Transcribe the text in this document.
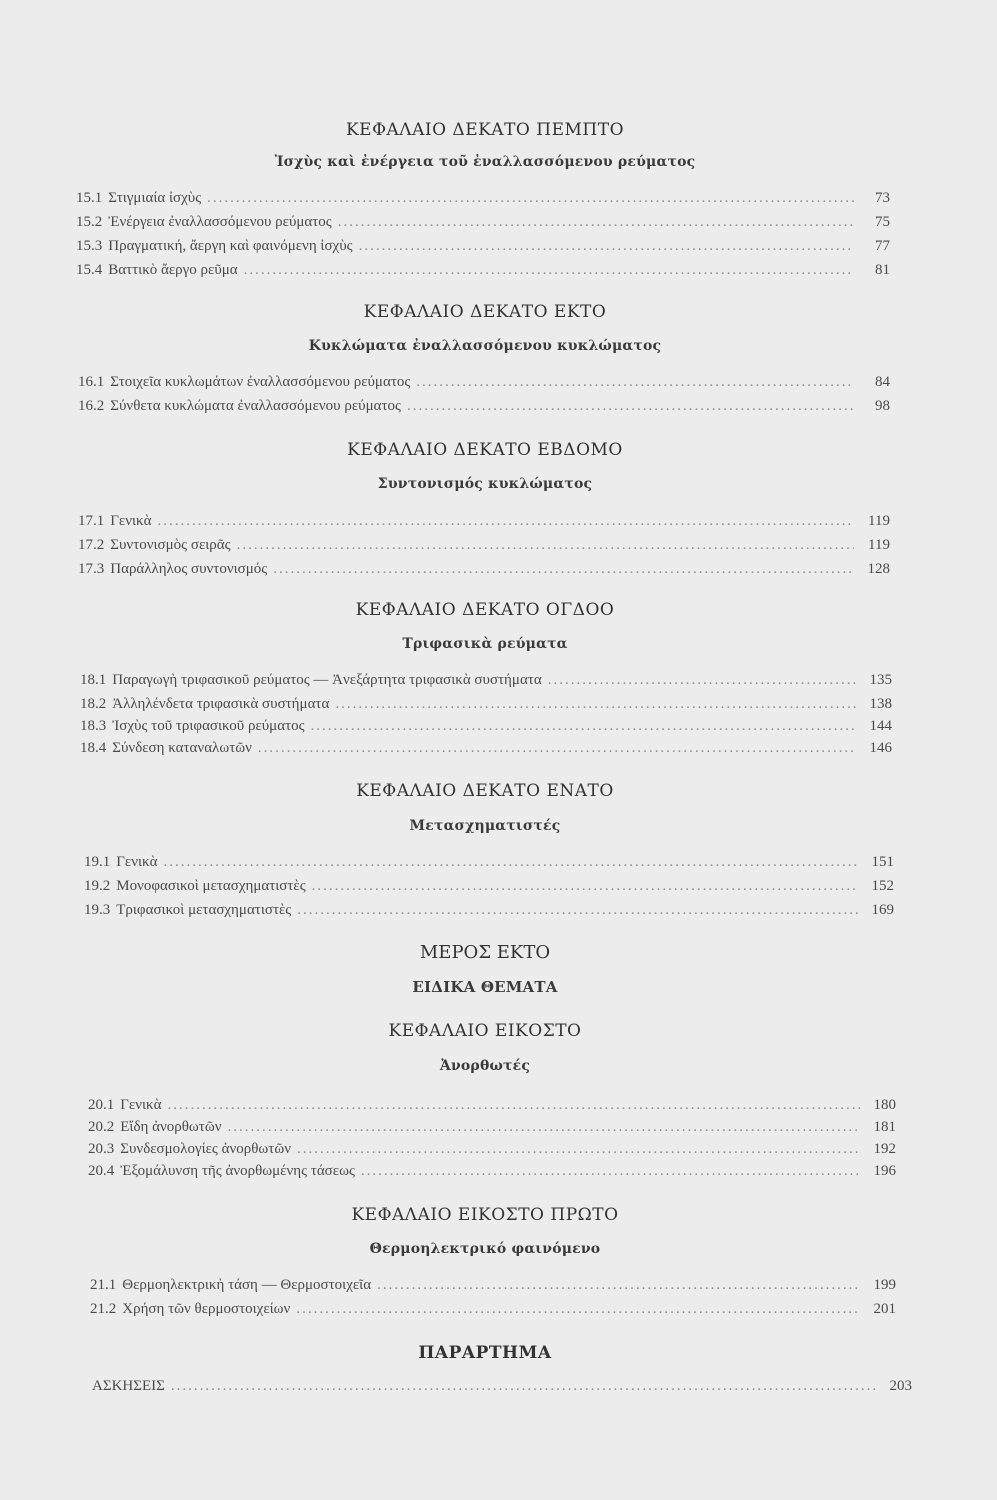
ΚΕΦΑΛΑΙΟ ΔΕΚΑΤΟ ΠΕΜΠΤΟ
Ἰσχὺς καὶ ἐνέργεια τοῦ ἐναλλασσόμενου ρεύματος
15.1 Στιγμιαία ἰσχὺς .....	73
15.2 Ἐνέργεια ἐναλλασσόμενου ρεύματος .....	75
15.3 Πραγματική, ἄεργη καὶ φαινόμενη ἰσχὺς .....	77
15.4 Βαττικὸ ἄεργο ρεῦμα .....	81
ΚΕΦΑΛΑΙΟ ΔΕΚΑΤΟ ΕΚΤΟ
Κυκλώματα ἐναλλασσόμενου κυκλώματος
16.1 Στοιχεῖα κυκλωμάτων ἐναλλασσόμενου ρεύματος .....	84
16.2 Σύνθετα κυκλώματα ἐναλλασσόμενου ρεύματος .....	98
ΚΕΦΑΛΑΙΟ ΔΕΚΑΤΟ ΕΒΔΟΜΟ
Συντονισμός κυκλώματος
17.1 Γενικὰ .....	119
17.2 Συντονισμὸς σειρᾶς .....	119
17.3 Παράλληλος συντονισμός .....	128
ΚΕΦΑΛΑΙΟ ΔΕΚΑΤΟ ΟΓΔΟΟ
Τριφασικὰ ρεύματα
18.1 Παραγωγὴ τριφασικοῦ ρεύματος — Ἀνεξάρτητα τριφασικὰ συστήματα .....	135
18.2 Ἀλληλένδετα τριφασικὰ συστήματα .....	138
18.3 Ἰσχὺς τοῦ τριφασικοῦ ρεύματος .....	144
18.4 Σύνδεση καταναλωτῶν .....	146
ΚΕΦΑΛΑΙΟ ΔΕΚΑΤΟ ΕΝΑΤΟ
Μετασχηματιστές
19.1 Γενικὰ .....	151
19.2 Μονοφασικοὶ μετασχηματιστὲς .....	152
19.3 Τριφασικοὶ μετασχηματιστὲς .....	169
ΜΕΡΟΣ ΕΚΤΟ
ΕΙΔΙΚΑ ΘΕΜΑΤΑ
ΚΕΦΑΛΑΙΟ ΕΙΚΟΣΤΟ
Ἀνορθωτές
20.1 Γενικὰ .....	180
20.2 Εἴδη ἀνορθωτῶν .....	181
20.3 Συνδεσμολογίες ἀνορθωτῶν .....	192
20.4 Ἐξομάλυνση τῆς ἀνορθωμένης τάσεως .....	196
ΚΕΦΑΛΑΙΟ ΕΙΚΟΣΤΟ ΠΡΩΤΟ
Θερμοηλεκτρικό φαινόμενο
21.1 Θερμοηλεκτρικὴ τάση — Θερμοστοιχεῖα .....	199
21.2 Χρήση τῶν θερμοστοιχείων .....	201
ΠΑΡΑΡΤΗΜΑ
ΑΣΚΗΣΕΙΣ .....	203
